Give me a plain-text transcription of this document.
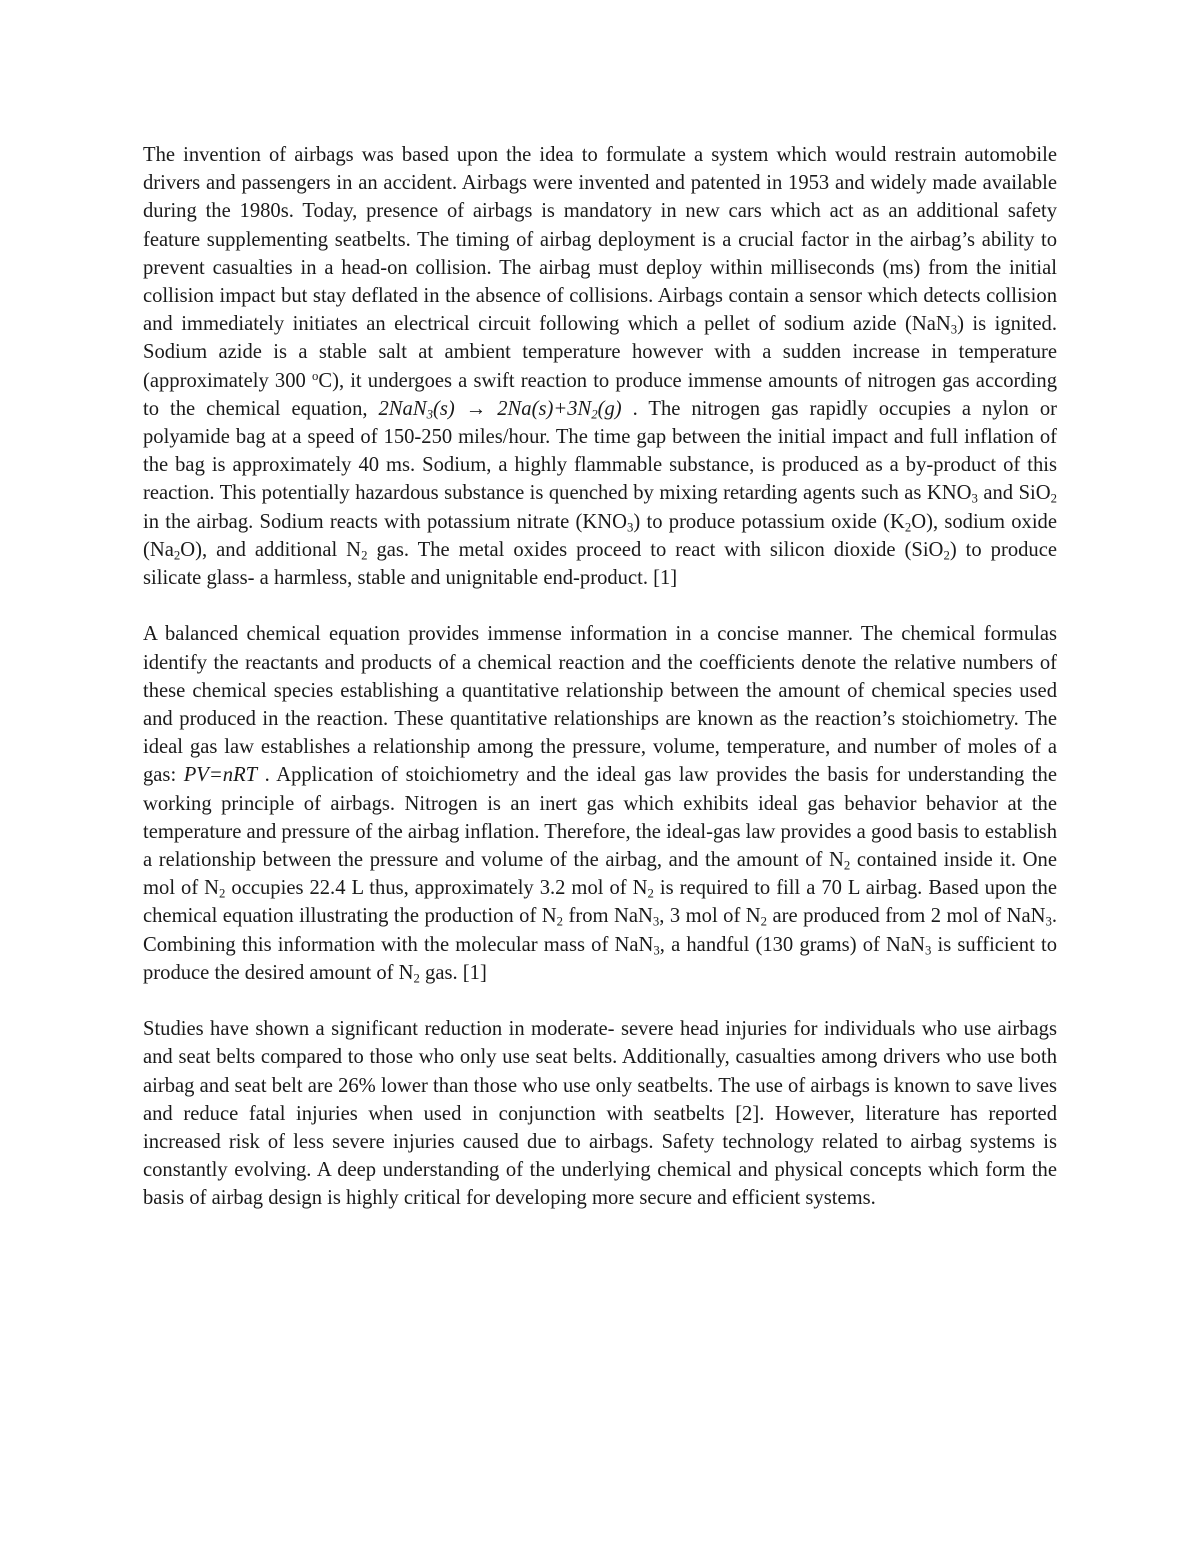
The invention of airbags was based upon the idea to formulate a system which would restrain automobile drivers and passengers in an accident. Airbags were invented and patented in 1953 and widely made available during the 1980s. Today, presence of airbags is mandatory in new cars which act as an additional safety feature supplementing seatbelts. The timing of airbag deployment is a crucial factor in the airbag’s ability to prevent casualties in a head-on collision. The airbag must deploy within milliseconds (ms) from the initial collision impact but stay deflated in the absence of collisions. Airbags contain a sensor which detects collision and immediately initiates an electrical circuit following which a pellet of sodium azide (NaN$_3$) is ignited. Sodium azide is a stable salt at ambient temperature however with a sudden increase in temperature (approximately 300 $^o$C), it undergoes a swift reaction to produce immense amounts of nitrogen gas according to the chemical equation, $2NaN_3(s) \to 2Na(s)+3N_2(g)$ . The nitrogen gas rapidly occupies a nylon or polyamide bag at a speed of 150-250 miles/hour. The time gap between the initial impact and full inflation of the bag is approximately 40 ms. Sodium, a highly flammable substance, is produced as a by-product of this reaction. This potentially hazardous substance is quenched by mixing retarding agents such as $KNO_3$ and SiO$_2$ in the airbag. Sodium reacts with potassium nitrate $(KNO_3)$ to produce potassium oxide $(K_2O)$, sodium oxide $(Na_2O)$, and additional $N_2$ gas. The metal oxides proceed to react with silicon dioxide (SiO$_2$) to produce silicate glass- a harmless, stable and unignitable end-product. [1]

A balanced chemical equation provides immense information in a concise manner. The chemical formulas identify the reactants and products of a chemical reaction and the coefficients denote the relative numbers of these chemical species establishing a quantitative relationship between the amount of chemical species used and produced in the reaction. These quantitative relationships are known as the reaction’s stoichiometry. The ideal gas law establishes a relationship among the pressure, volume, temperature, and number of moles of a gas: PV=nRT . Application of stoichiometry and the ideal gas law provides the basis for understanding the working principle of airbags. Nitrogen is an inert gas which exhibits ideal gas behavior behavior at the temperature and pressure of the airbag inflation. Therefore, the ideal-gas law provides a good basis to establish a relationship between the pressure and volume of the airbag, and the amount of $N_2$ contained inside it. One mol of $N_2$ occupies 22.4 L thus, approximately 3.2 mol of $N_2$ is required to fill a 70 L airbag. Based upon the chemical equation illustrating the production of $N_2$ from NaN$_3$, 3 mol of $N_2$ are produced from 2 mol of NaN$_3$. Combining this information with the molecular mass of NaN$_3$, a handful (130 grams) of NaN$_3$ is sufficient to produce the desired amount of $N_2$ gas. [1]

Studies have shown a significant reduction in moderate- severe head injuries for individuals who use airbags and seat belts compared to those who only use seat belts. Additionally, casualties among drivers who use both airbag and seat belt are 26% lower than those who use only seatbelts. The use of airbags is known to save lives and reduce fatal injuries when used in conjunction with seatbelts [2]. However, literature has reported increased risk of less severe injuries caused due to airbags. Safety technology related to airbag systems is constantly evolving. A deep understanding of the underlying chemical and physical concepts which form the basis of airbag design is highly critical for developing more secure and efficient systems.
